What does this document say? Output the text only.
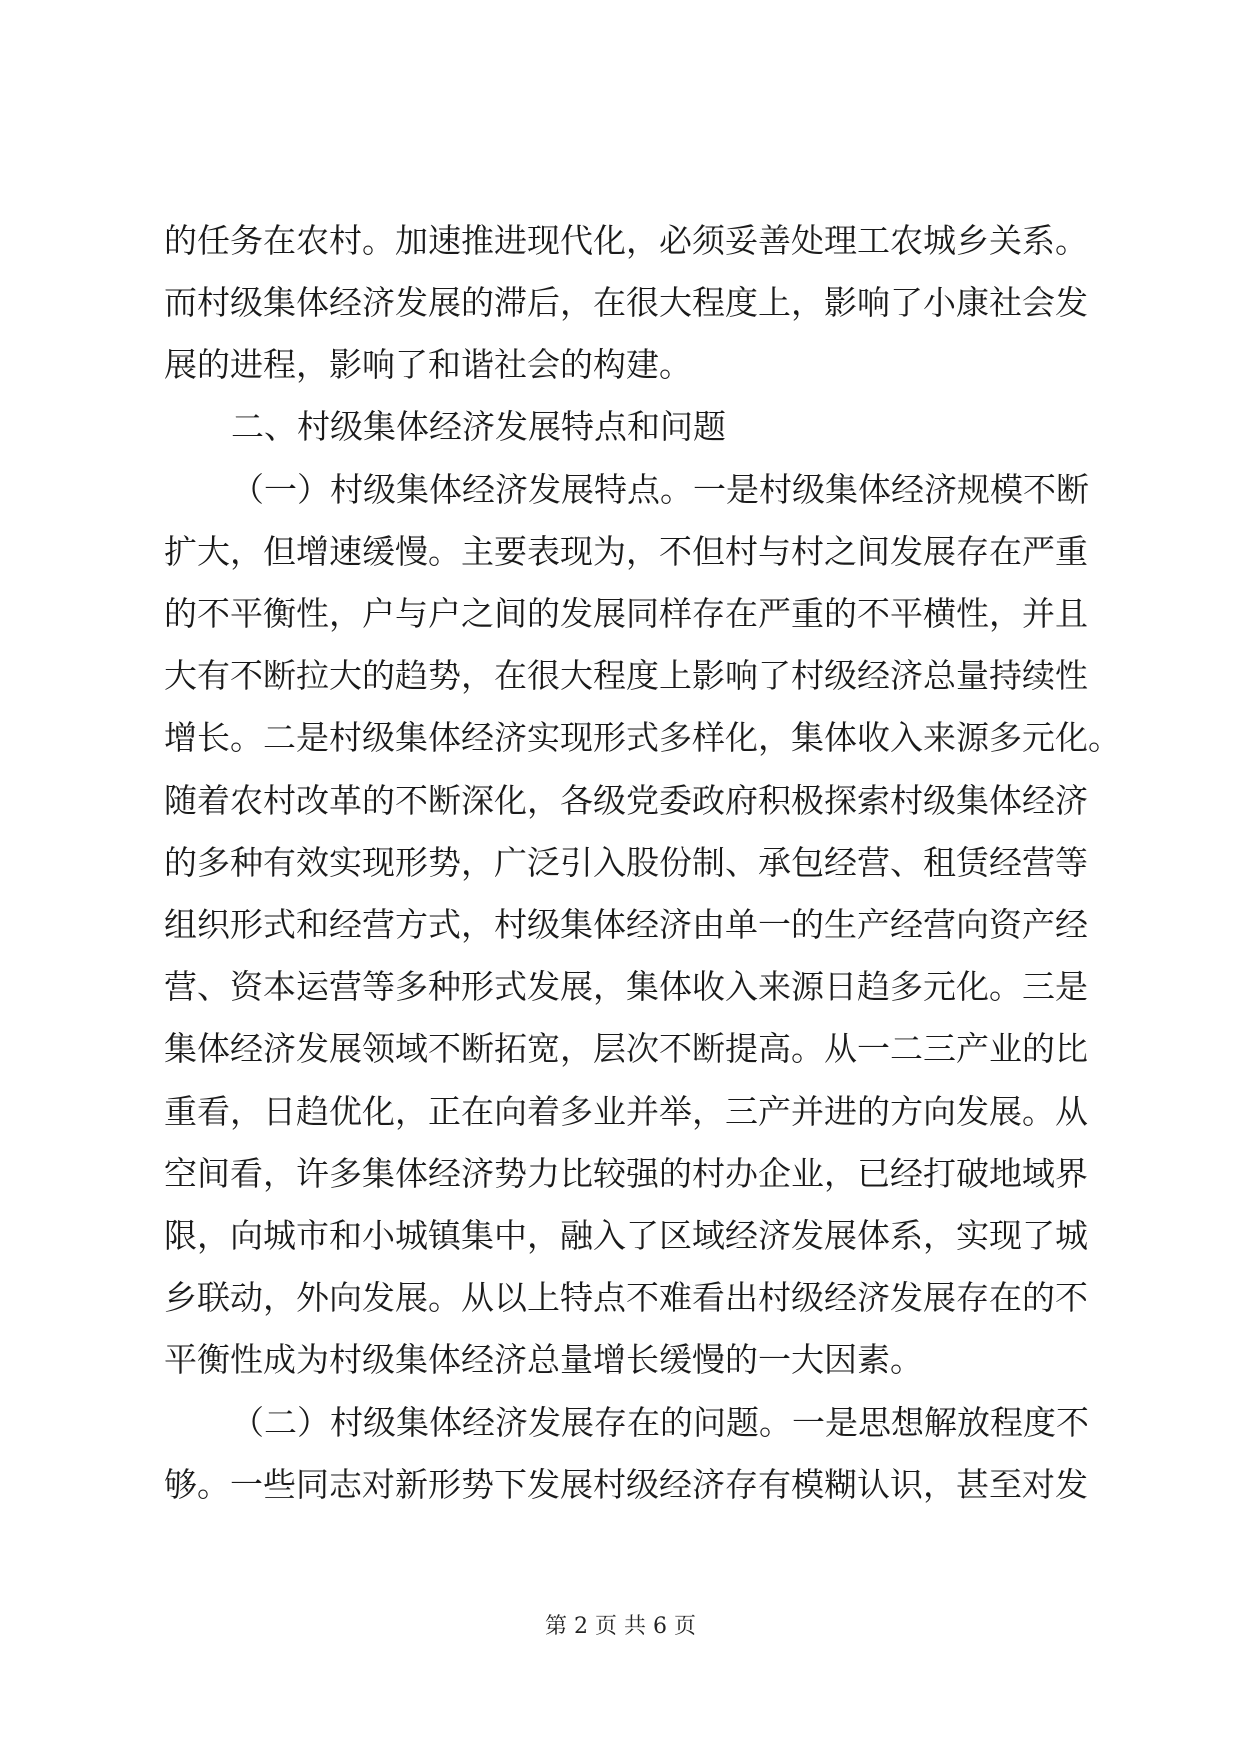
的任务在农村。加速推进现代化，必须妥善处理工农城乡关系。
而村级集体经济发展的滞后，在很大程度上，影响了小康社会发
展的进程，影响了和谐社会的构建。
二、村级集体经济发展特点和问题
（一）村级集体经济发展特点。一是村级集体经济规模不断
扩大，但增速缓慢。主要表现为，不但村与村之间发展存在严重
的不平衡性，户与户之间的发展同样存在严重的不平横性，并且
大有不断拉大的趋势，在很大程度上影响了村级经济总量持续性
增长。二是村级集体经济实现形式多样化，集体收入来源多元化。
随着农村改革的不断深化，各级党委政府积极探索村级集体经济
的多种有效实现形势，广泛引入股份制、承包经营、租赁经营等
组织形式和经营方式，村级集体经济由单一的生产经营向资产经
营、资本运营等多种形式发展，集体收入来源日趋多元化。三是
集体经济发展领域不断拓宽，层次不断提高。从一二三产业的比
重看，日趋优化，正在向着多业并举，三产并进的方向发展。从
空间看，许多集体经济势力比较强的村办企业，已经打破地域界
限，向城市和小城镇集中，融入了区域经济发展体系，实现了城
乡联动，外向发展。从以上特点不难看出村级经济发展存在的不
平衡性成为村级集体经济总量增长缓慢的一大因素。
（二）村级集体经济发展存在的问题。一是思想解放程度不
够。一些同志对新形势下发展村级经济存有模糊认识，甚至对发
第 2 页 共 6 页
